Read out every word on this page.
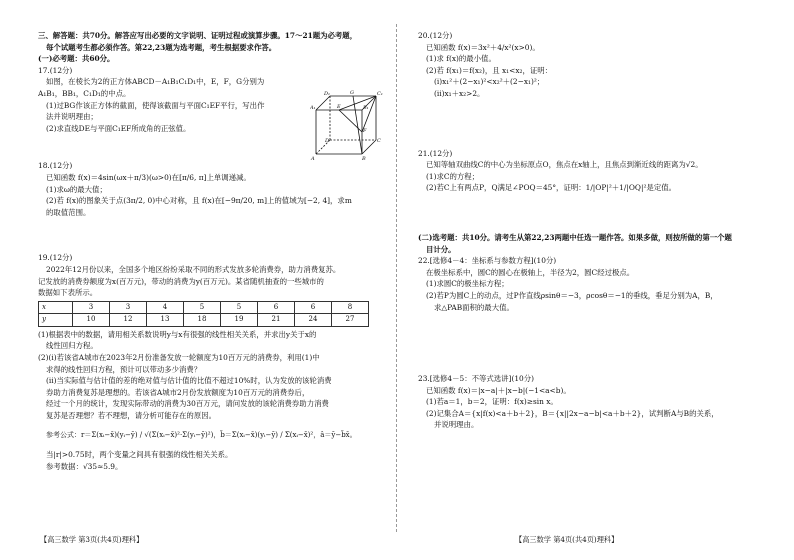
三、解答题：共70分。解答应写出必要的文字说明、证明过程或演算步骤。17～21题为必考题，

每个试题考生都必须作答。第22,23题为选考题，考生根据要求作答。

(一)必考题：共60分。

17.(12分)

如图，在棱长为2的正方体ABCD－A₁B₁C₁D₁中，E，F，G分别为

A₁B₁，BB₁，C₁D₁的中点。

(1)过BG作该正方体的截面，使得该截面与平面C₁EF平行，写出作

法并说明理由；

(2)求直线DE与平面C₁EF所成角的正弦值。

18.(12分)

已知函数 f(x)＝4sin(ωx＋π/3)(ω>0)在[π/6, π]上单调递减。

(1)求ω的最大值；

(2)若 f(x)的图象关于点(3π/2, 0)中心对称，且 f(x)在[−9π/20, m]上的值域为[−2, 4]，求m

的取值范围。

19.(12分)

2022年12月份以来，全国多个地区纷纷采取不同的形式发放多轮消费券，助力消费复苏。

记发放的消费券额度为x(百万元)，带动的消费为y(百万元)。某省随机抽查的一些城市的

数据如下表所示。

x	3	3	4	5	5	6	6	8
y	10	12	13	18	19	21	24	27

(1)根据表中的数据，请用相关系数说明y与x有很强的线性相关关系，并求出y关于x的

线性回归方程。

(2)(i)若该省A城市在2023年2月份准备发放一轮额度为10百万元的消费券，利用(1)中

求得的线性回归方程，预计可以带动多少消费？

(ii)当实际值与估计值的差的绝对值与估计值的比值不超过10%时，认为发放的该轮消费

券助力消费复苏是理想的。若该省A城市2月份发放额度为10百万元的消费券后，

经过一个月的统计，发现实际带动的消费为30百万元，请问发放的该轮消费券助力消费

复苏是否理想？若不理想，请分析可能存在的原因。

参考公式：r＝Σ(xᵢ−x̄)(yᵢ−ȳ) / √(Σ(xᵢ−x̄)²·Σ(yᵢ−ȳ)²)，b̂＝Σ(xᵢ−x̄)(yᵢ−ȳ) / Σ(xᵢ−x̄)²，â＝ȳ−b̂x̄。

当|r|>0.75时，两个变量之间具有很强的线性相关关系。

参考数据：√35≈5.9。

D₁	G	C₁
A₁	E	B₁
F
D	C
A	B

20.(12分)

已知函数 f(x)＝3x²＋4/x²(x>0)。

(1)求 f(x)的最小值。

(2)若 f(x₁)＝f(x₂)，且 x₁<x₂，证明：

(i)x₁²＋(2−x₁)²<x₂²＋(2−x₁)²；

(ii)x₁＋x₂>2。

21.(12分)

已知等轴双曲线C的中心为坐标原点O，焦点在x轴上，且焦点到渐近线的距离为√2。

(1)求C的方程；

(2)若C上有两点P，Q满足∠POQ＝45°，证明：1/|OP|²＋1/|OQ|²是定值。

(二)选考题：共10分。请考生从第22,23两题中任选一题作答。如果多做，则按所做的第一个题

目计分。

22.[选修4－4：坐标系与参数方程](10分)

在极坐标系中，圆C的圆心在极轴上，半径为2，圆C经过极点。

(1)求圆C的极坐标方程；

(2)若P为圆C上的动点，过P作直线ρsinθ＝−3，ρcosθ＝−1的垂线，垂足分别为A，B，

求△PAB面积的最大值。

23.[选修4－5：不等式选讲](10分)

已知函数 f(x)＝|x−a|＋|x−b|(−1<a<b)。

(1)若a＝1，b＝2，证明：f(x)≥sin x。

(2)记集合A＝{x|f(x)<a＋b＋2}，B＝{x||2x−a−b|<a＋b＋2}，试判断A与B的关系，

并说明理由。

【高三数学 第3页(共4页)理科】	【高三数学 第4页(共4页)理科】
